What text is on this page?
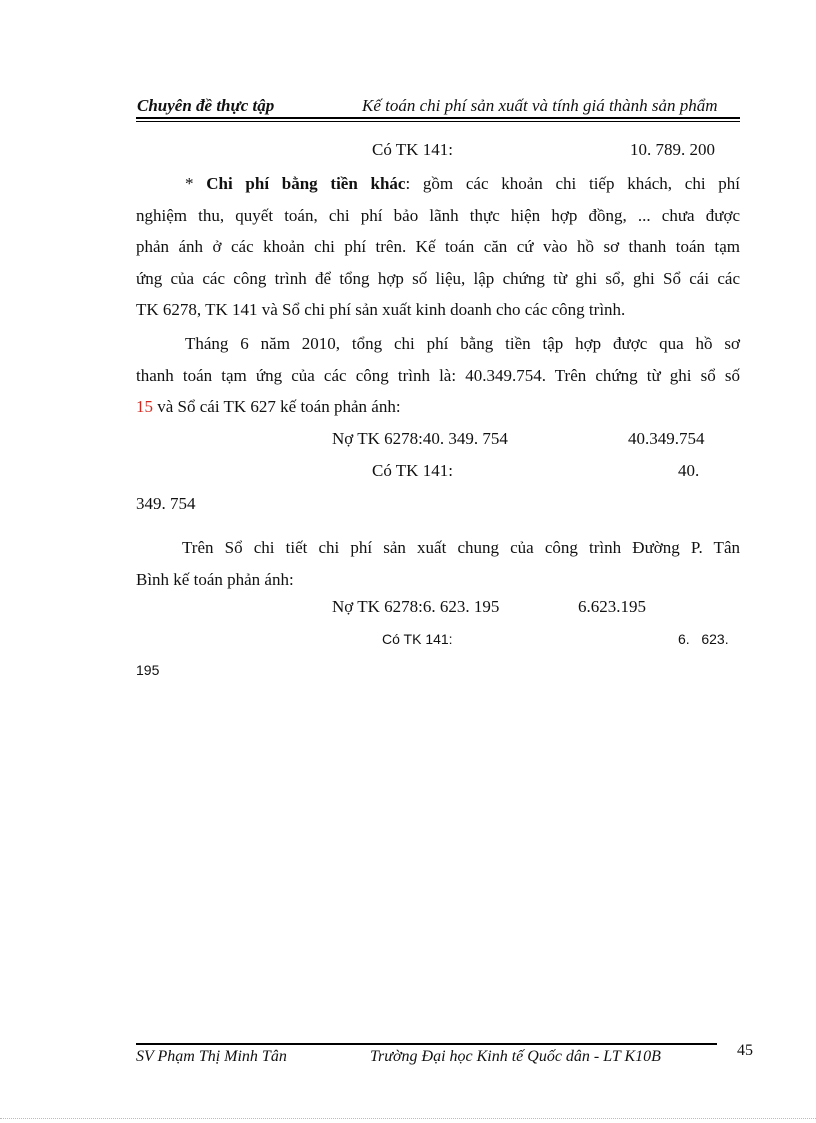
Chuyên đề thực tập	Kế toán chi phí sản xuất và tính giá thành sản phẩm
Có TK 141:	10. 789. 200
* Chi phí bằng tiền khác: gồm các khoản chi tiếp khách, chi phí
nghiệm thu, quyết toán, chi phí bảo lãnh thực hiện hợp đồng, ... chưa được
phản ánh ở các khoản chi phí trên. Kế toán căn cứ vào hồ sơ thanh toán tạm
ứng của các công trình để tổng hợp số liệu, lập chứng từ ghi sổ, ghi Sổ cái các
TK 6278, TK 141 và Sổ chi phí sản xuất kinh doanh cho các công trình.
Tháng 6 năm 2010, tổng chi phí bằng tiền tập hợp được qua hồ sơ
thanh toán tạm ứng của các công trình là: 40.349.754. Trên chứng từ ghi sổ số
15 và Sổ cái TK 627 kế toán phản ánh:
Nợ TK 6278:40. 349. 754	40.349.754
Có TK 141:	40.
349. 754
Trên Sổ chi tiết chi phí sản xuất chung của công trình Đường P. Tân
Bình kế toán phản ánh:
Nợ TK 6278:6. 623. 195	6.623.195
Có TK 141:	6.   623.
195
SV Phạm Thị Minh Tân	Trường Đại học Kinh tế Quốc dân - LT K10B	45
